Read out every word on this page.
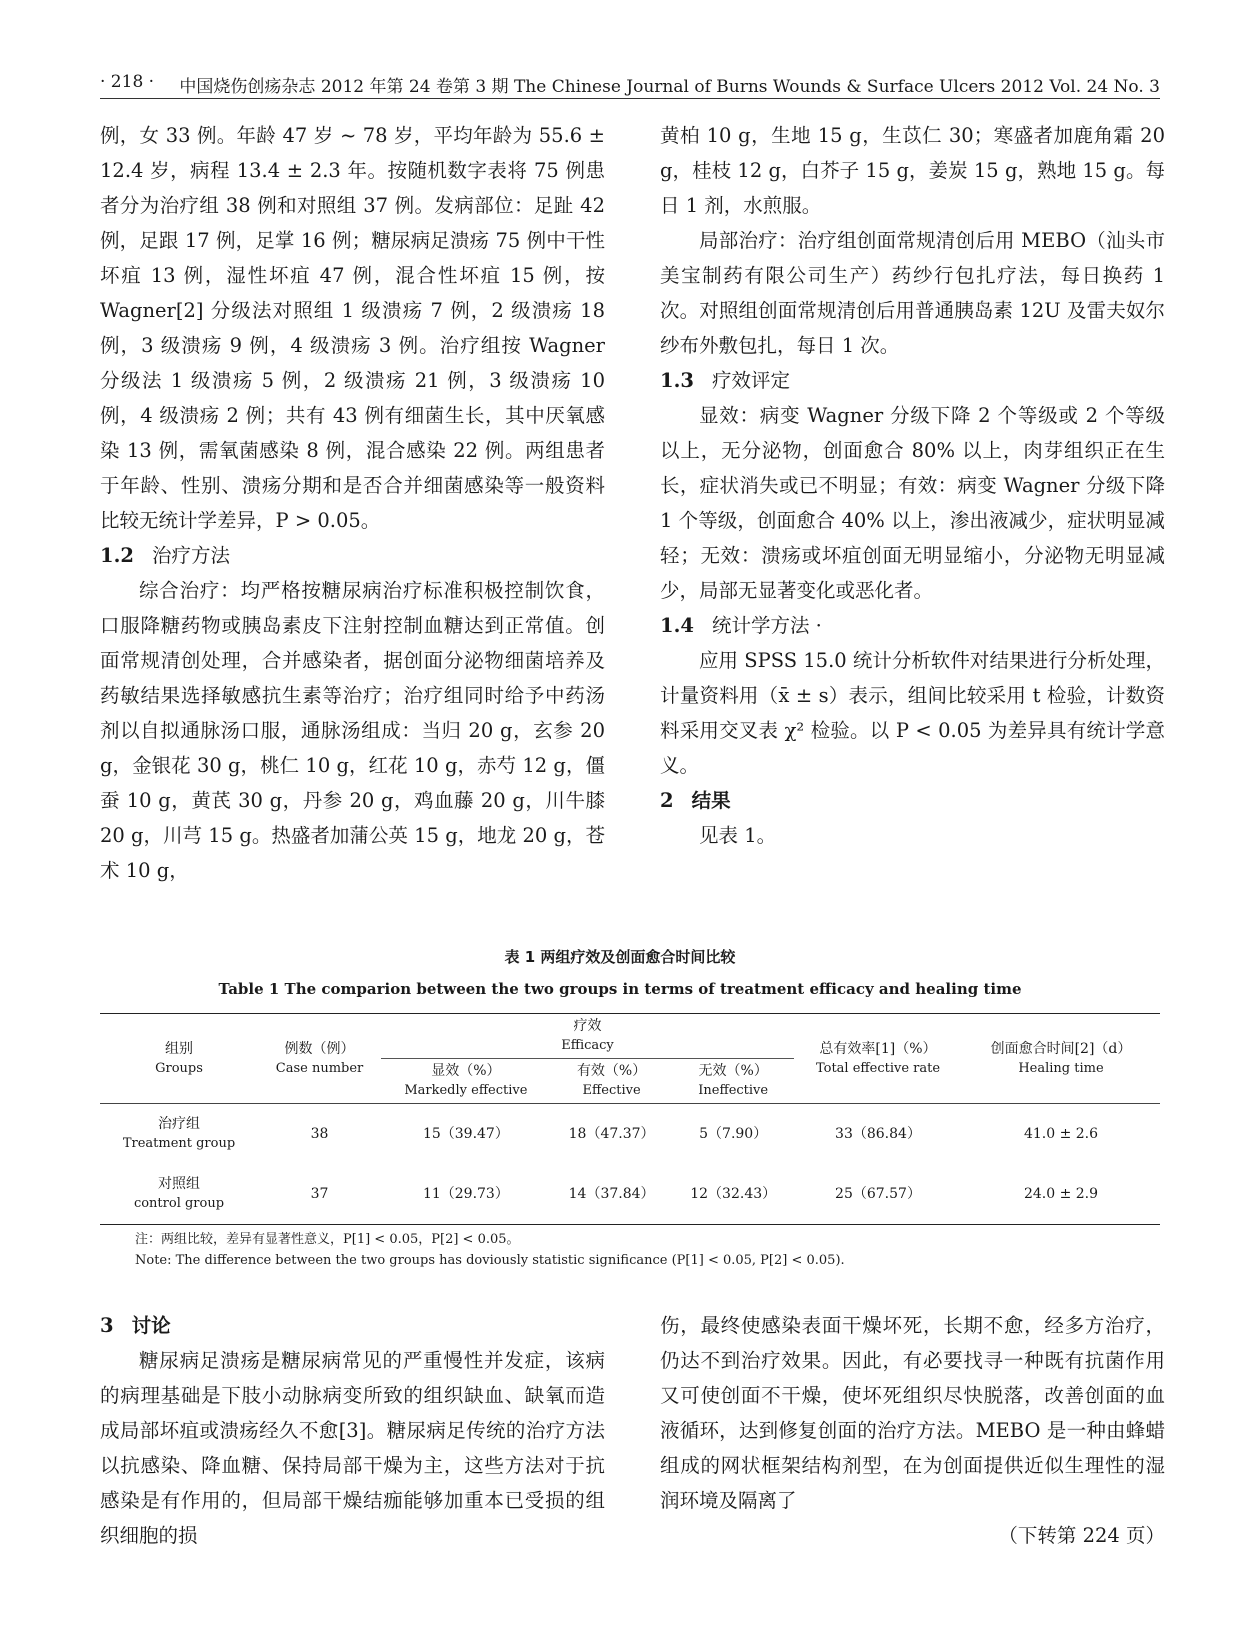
· 218 · 中国烧伤创疡杂志 2012 年第 24 卷第 3 期 The Chinese Journal of Burns Wounds & Surface Ulcers 2012 Vol. 24 No. 3

例，女 33 例。年龄 47 岁 ~ 78 岁，平均年龄为 55.6 ± 12.4 岁，病程 13.4 ± 2.3 年。按随机数字表将 75 例患者分为治疗组 38 例和对照组 37 例。发病部位：足趾 42 例，足跟 17 例，足掌 16 例；糖尿病足溃疡 75 例中干性坏疽 13 例，湿性坏疽 47 例，混合性坏疽 15 例，按 Wagner[2] 分级法对照组 1 级溃疡 7 例，2 级溃疡 18 例，3 级溃疡 9 例，4 级溃疡 3 例。治疗组按 Wagner 分级法 1 级溃疡 5 例，2 级溃疡 21 例，3 级溃疡 10 例，4 级溃疡 2 例；共有 43 例有细菌生长，其中厌氧感染 13 例，需氧菌感染 8 例，混合感染 22 例。两组患者于年龄、性别、溃疡分期和是否合并细菌感染等一般资料比较无统计学差异，P > 0.05。

1.2 治疗方法

综合治疗：均严格按糖尿病治疗标准积极控制饮食，口服降糖药物或胰岛素皮下注射控制血糖达到正常值。创面常规清创处理，合并感染者，据创面分泌物细菌培养及药敏结果选择敏感抗生素等治疗；治疗组同时给予中药汤剂以自拟通脉汤口服，通脉汤组成：当归 20 g，玄参 20 g，金银花 30 g，桃仁 10 g，红花 10 g，赤芍 12 g，僵蚕 10 g，黄芪 30 g，丹参 20 g，鸡血藤 20 g，川牛膝 20 g，川芎 15 g。热盛者加蒲公英 15 g，地龙 20 g，苍术 10 g，

黄柏 10 g，生地 15 g，生苡仁 30；寒盛者加鹿角霜 20 g，桂枝 12 g，白芥子 15 g，姜炭 15 g，熟地 15 g。每日 1 剂，水煎服。

局部治疗：治疗组创面常规清创后用 MEBO（汕头市美宝制药有限公司生产）药纱行包扎疗法，每日换药 1 次。对照组创面常规清创后用普通胰岛素 12U 及雷夫奴尔纱布外敷包扎，每日 1 次。

1.3 疗效评定

显效：病变 Wagner 分级下降 2 个等级或 2 个等级以上，无分泌物，创面愈合 80% 以上，肉芽组织正在生长，症状消失或已不明显；有效：病变 Wagner 分级下降 1 个等级，创面愈合 40% 以上，渗出液减少，症状明显减轻；无效：溃疡或坏疽创面无明显缩小，分泌物无明显减少，局部无显著变化或恶化者。

1.4 统计学方法 ·

应用 SPSS 15.0 统计分析软件对结果进行分析处理，计量资料用（x̄ ± s）表示，组间比较采用 t 检验，计数资料采用交叉表 χ² 检验。以 P < 0.05 为差异具有统计学意义。

2 结果

见表 1。

表 1 两组疗效及创面愈合时间比较
Table 1 The comparion between the two groups in terms of treatment efficacy and healing time

组别
Groups	例数（例）
Case number	疗效
Efficacy			总有效率[1]（%）
Total effective rate	创面愈合时间[2]（d）
Healing time

		显效（%）
Markedly effective	有效（%）
Effective	无效（%）
Ineffective		

治疗组
Treatment group	38	15（39.47）	18（47.37）	5（7.90）	33（86.84）	41.0 ± 2.6
对照组
control group	37	11（29.73）	14（37.84）	12（32.43）	25（67.57）	24.0 ± 2.9

注：两组比较，差异有显著性意义，P[1] < 0.05，P[2] < 0.05。
Note: The difference between the two groups has doviously statistic significance (P[1] < 0.05, P[2] < 0.05).

3 讨论

糖尿病足溃疡是糖尿病常见的严重慢性并发症，该病的病理基础是下肢小动脉病变所致的组织缺血、缺氧而造成局部坏疽或溃疡经久不愈[3]。糖尿病足传统的治疗方法以抗感染、降血糖、保持局部干燥为主，这些方法对于抗感染是有作用的，但局部干燥结痂能够加重本已受损的组织细胞的损

伤，最终使感染表面干燥坏死，长期不愈，经多方治疗，仍达不到治疗效果。因此，有必要找寻一种既有抗菌作用又可使创面不干燥，使坏死组织尽快脱落，改善创面的血液循环，达到修复创面的治疗方法。MEBO 是一种由蜂蜡组成的网状框架结构剂型，在为创面提供近似生理性的湿润环境及隔离了

（下转第 224 页）
